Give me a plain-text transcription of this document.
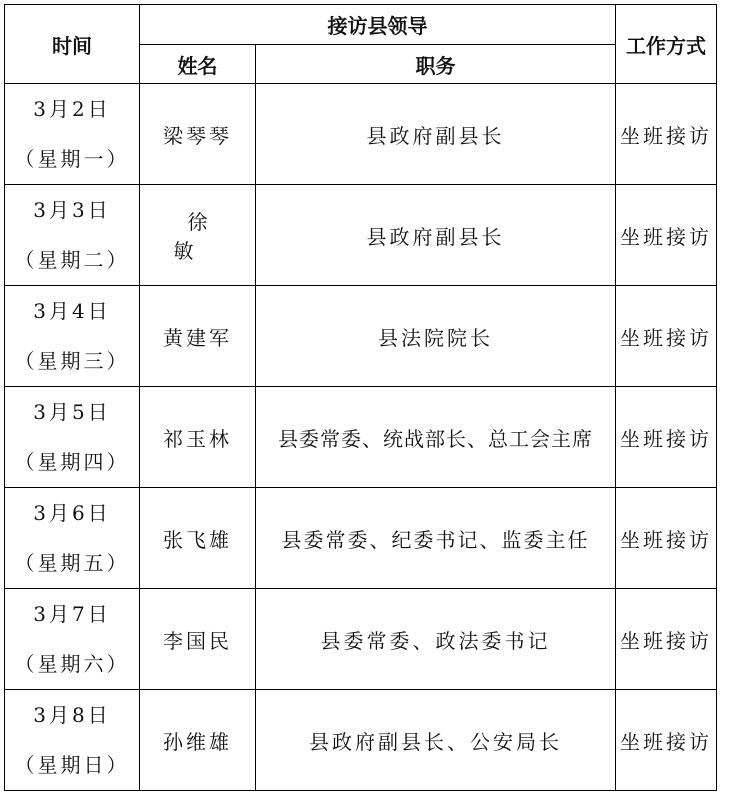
时间	接访县领导		工作方式
	姓名	职务	

3月2日
（星期一）	梁琴琴	县政府副县长	坐班接访

3月3日
（星期二）	徐敏	县政府副县长	坐班接访

3月4日
（星期三）	黄建军	县法院院长	坐班接访

3月5日
（星期四）	祁玉林	县委常委、统战部长、总工会主席	坐班接访

3月6日
（星期五）	张飞雄	县委常委、纪委书记、监委主任	坐班接访

3月7日
（星期六）	李国民	县委常委、政法委书记	坐班接访

3月8日
（星期日）	孙维雄	县政府副县长、公安局长	坐班接访
